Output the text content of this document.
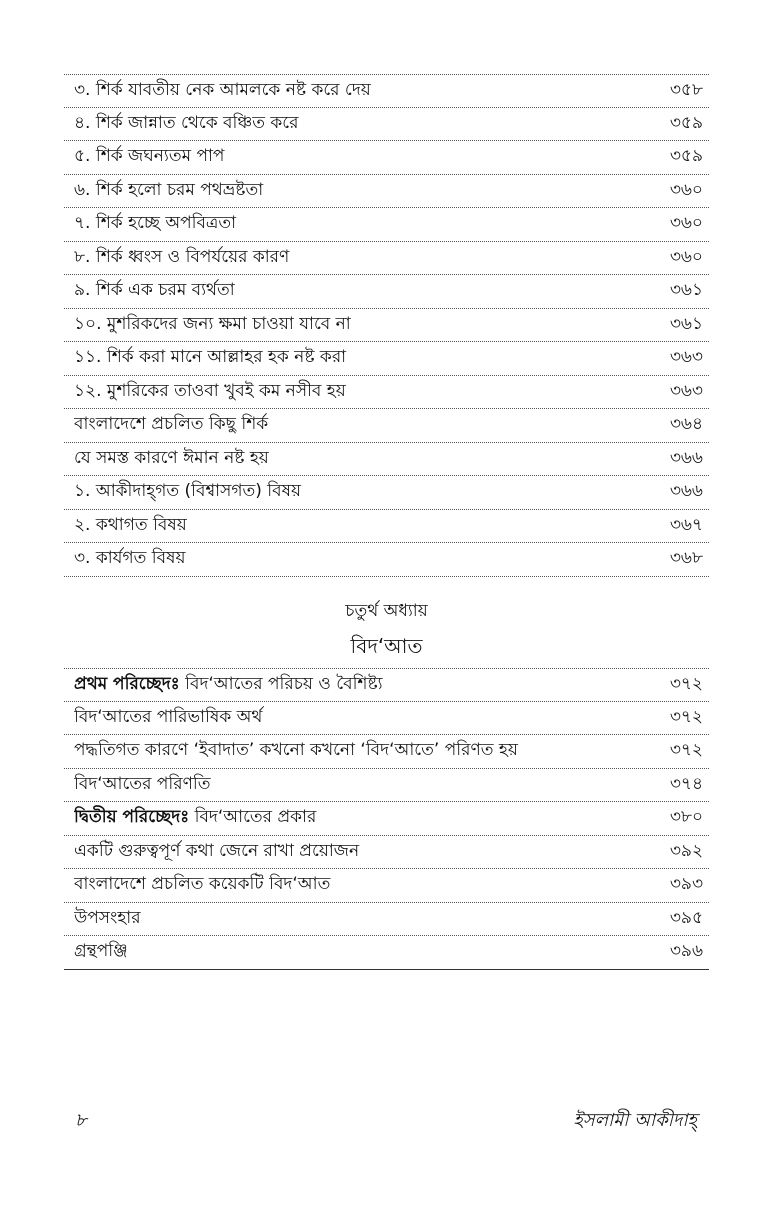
৩. শির্ক যাবতীয় নেক আমলকে নষ্ট করে দেয়	৩৫৮
৪. শির্ক জান্নাত থেকে বঞ্চিত করে	৩৫৯
৫. শির্ক জঘন্যতম পাপ	৩৫৯
৬. শির্ক হলো চরম পথভ্রষ্টতা	৩৬০
৭. শির্ক হচ্ছে অপবিত্রতা	৩৬০
৮. শির্ক ধ্বংস ও বিপর্যয়ের কারণ	৩৬০
৯. শির্ক এক চরম ব্যর্থতা	৩৬১
১০. মুশরিকদের জন্য ক্ষমা চাওয়া যাবে না	৩৬১
১১. শির্ক করা মানে আল্লাহর হক নষ্ট করা	৩৬৩
১২. মুশরিকের তাওবা খুবই কম নসীব হয়	৩৬৩
বাংলাদেশে প্রচলিত কিছু শির্ক	৩৬৪
যে সমস্ত কারণে ঈমান নষ্ট হয়	৩৬৬
১. আকীদাহ্‌গত (বিশ্বাসগত) বিষয়	৩৬৬
২. কথাগত বিষয়	৩৬৭
৩. কার্যগত বিষয়	৩৬৮
চতুর্থ অধ্যায়
বিদ‘আত
প্রথম পরিচ্ছেদঃ বিদ‘আতের পরিচয় ও বৈশিষ্ট্য	৩৭২
বিদ‘আতের পারিভাষিক অর্থ	৩৭২
পদ্ধতিগত কারণে ‘ইবাদাত’ কখনো কখনো ‘বিদ‘আতে’ পরিণত হয়	৩৭২
বিদ‘আতের পরিণতি	৩৭৪
দ্বিতীয় পরিচ্ছেদঃ বিদ‘আতের প্রকার	৩৮০
একটি গুরুত্বপূর্ণ কথা জেনে রাখা প্রয়োজন	৩৯২
বাংলাদেশে প্রচলিত কয়েকটি বিদ‘আত	৩৯৩
উপসংহার	৩৯৫
গ্রন্থপঞ্জি	৩৯৬
৮	ইসলামী আকীদাহ্‌
